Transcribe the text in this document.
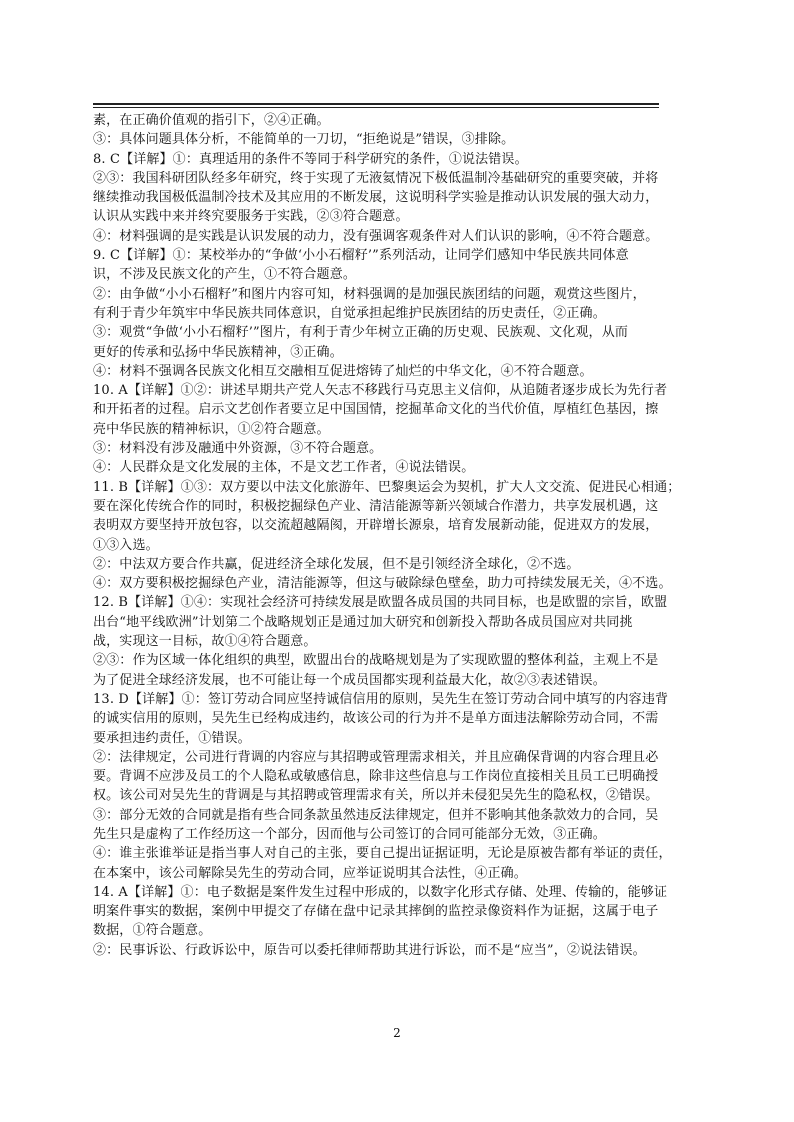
素，在正确价值观的指引下，②④正确。
③：具体问题具体分析，不能简单的一刀切，“拒绝说是”错误，③排除。
8. C【详解】①：真理适用的条件不等同于科学研究的条件，①说法错误。
②③：我国科研团队经多年研究，终于实现了无液氦情况下极低温制冷基础研究的重要突破，并将
继续推动我国极低温制冷技术及其应用的不断发展，这说明科学实验是推动认识发展的强大动力，
认识从实践中来并终究要服务于实践，②③符合题意。
④：材料强调的是实践是认识发展的动力，没有强调客观条件对人们认识的影响，④不符合题意。
9. C【详解】①：某校举办的“争做‘小小石榴籽’”系列活动，让同学们感知中华民族共同体意
识，不涉及民族文化的产生，①不符合题意。
②：由争做“小小石榴籽”和图片内容可知，材料强调的是加强民族团结的问题，观赏这些图片，
有利于青少年筑牢中华民族共同体意识，自觉承担起维护民族团结的历史责任，②正确。
③：观赏“争做‘小小石榴籽’”图片，有利于青少年树立正确的历史观、民族观、文化观，从而
更好的传承和弘扬中华民族精神，③正确。
④：材料不强调各民族文化相互交融相互促进熔铸了灿烂的中华文化，④不符合题意。
10. A【详解】①②：讲述早期共产党人矢志不移践行马克思主义信仰，从追随者逐步成长为先行者
和开拓者的过程。启示文艺创作者要立足中国国情，挖掘革命文化的当代价值，厚植红色基因，擦
亮中华民族的精神标识，①②符合题意。
③：材料没有涉及融通中外资源，③不符合题意。
④：人民群众是文化发展的主体，不是文艺工作者，④说法错误。
11. B【详解】①③：双方要以中法文化旅游年、巴黎奥运会为契机，扩大人文交流、促进民心相通；
要在深化传统合作的同时，积极挖掘绿色产业、清洁能源等新兴领域合作潜力，共享发展机遇，这
表明双方要坚持开放包容，以交流超越隔阂，开辟增长源泉，培育发展新动能，促进双方的发展，
①③入选。
②：中法双方要合作共赢，促进经济全球化发展，但不是引领经济全球化，②不选。
④：双方要积极挖掘绿色产业，清洁能源等，但这与破除绿色壁垒，助力可持续发展无关，④不选。
12. B【详解】①④：实现社会经济可持续发展是欧盟各成员国的共同目标，也是欧盟的宗旨，欧盟
出台“地平线欧洲”计划第二个战略规划正是通过加大研究和创新投入帮助各成员国应对共同挑
战，实现这一目标，故①④符合题意。
②③：作为区域一体化组织的典型，欧盟出台的战略规划是为了实现欧盟的整体利益，主观上不是
为了促进全球经济发展，也不可能让每一个成员国都实现利益最大化，故②③表述错误。
13. D【详解】①：签订劳动合同应坚持诚信信用的原则，吴先生在签订劳动合同中填写的内容违背
的诚实信用的原则，吴先生已经构成违约，故该公司的行为并不是单方面违法解除劳动合同，不需
要承担违约责任，①错误。
②：法律规定，公司进行背调的内容应与其招聘或管理需求相关，并且应确保背调的内容合理且必
要。背调不应涉及员工的个人隐私或敏感信息，除非这些信息与工作岗位直接相关且员工已明确授
权。该公司对吴先生的背调是与其招聘或管理需求有关，所以并未侵犯吴先生的隐私权，②错误。
③：部分无效的合同就是指有些合同条款虽然违反法律规定，但并不影响其他条款效力的合同，吴
先生只是虚构了工作经历这一个部分，因而他与公司签订的合同可能部分无效，③正确。
④：谁主张谁举证是指当事人对自己的主张，要自己提出证据证明，无论是原被告都有举证的责任，
在本案中，该公司解除吴先生的劳动合同，应举证说明其合法性，④正确。
14. A【详解】①：电子数据是案件发生过程中形成的，以数字化形式存储、处理、传输的，能够证
明案件事实的数据，案例中甲提交了存储在盘中记录其摔倒的监控录像资料作为证据，这属于电子
数据，①符合题意。
②：民事诉讼、行政诉讼中，原告可以委托律师帮助其进行诉讼，而不是“应当”，②说法错误。
2
